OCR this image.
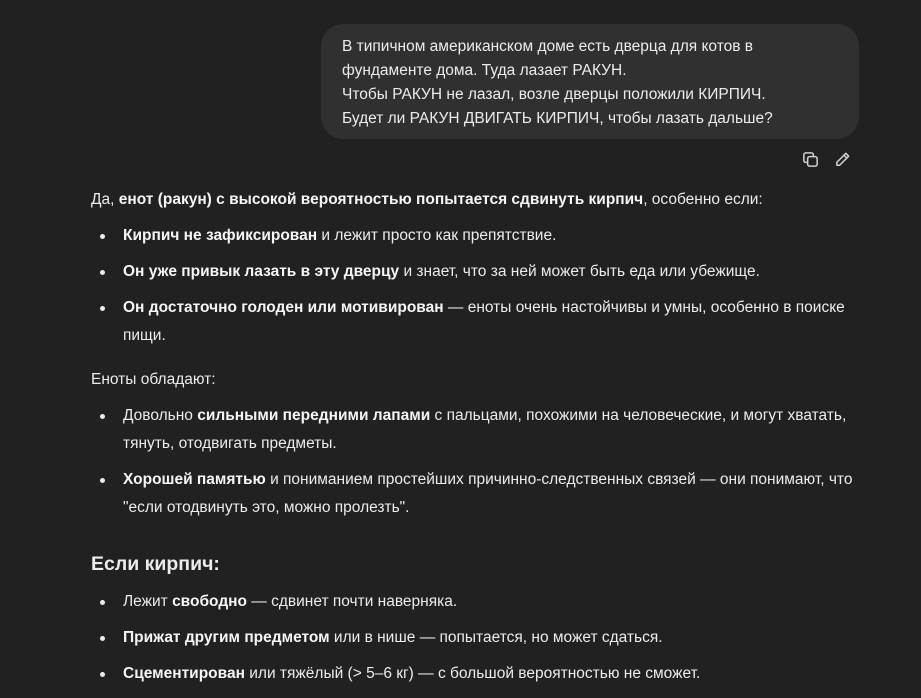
В типичном американском доме есть дверца для котов в
фундаменте дома. Туда лазает РАКУН.
Чтобы РАКУН не лазал, возле дверцы положили КИРПИЧ.
Будет ли РАКУН ДВИГАТЬ КИРПИЧ, чтобы лазать дальше?

Да, енот (ракун) с высокой вероятностью попытается сдвинуть кирпич, особенно если:

Кирпич не зафиксирован и лежит просто как препятствие.
Он уже привык лазать в эту дверцу и знает, что за ней может быть еда или убежище.
Он достаточно голоден или мотивирован — еноты очень настойчивы и умны, особенно в поиске пищи.

Еноты обладают:

Довольно сильными передними лапами с пальцами, похожими на человеческие, и могут хватать, тянуть, отодвигать предметы.
Хорошей памятью и пониманием простейших причинно-следственных связей — они понимают, что "если отодвинуть это, можно пролезть".

Если кирпич:

Лежит свободно — сдвинет почти наверняка.
Прижат другим предметом или в нише — попытается, но может сдаться.
Сцементирован или тяжёлый (> 5–6 кг) — с большой вероятностью не сможет.
